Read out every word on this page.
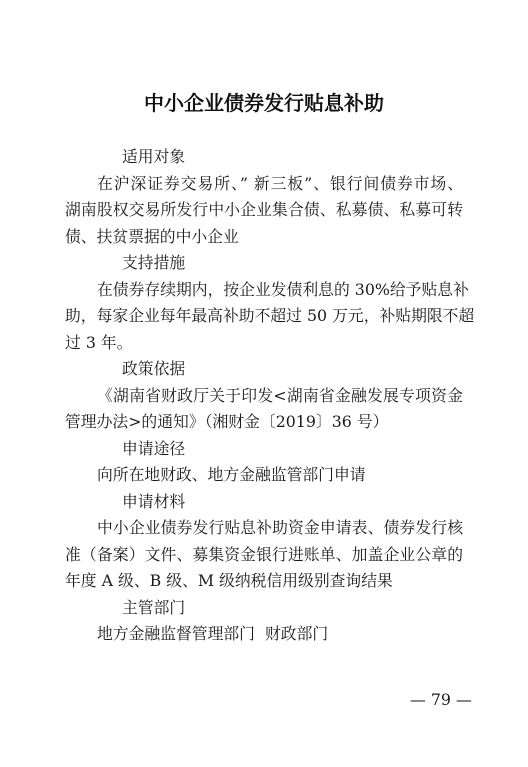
中小企业债券发行贴息补助
适用对象
在沪深证券交易所、” 新三板”、银行间债券市场、
湖南股权交易所发行中小企业集合债、私募债、私募可转
债、扶贫票据的中小企业
支持措施
在债券存续期内，按企业发债利息的 30%给予贴息补
助，每家企业每年最高补助不超过 50 万元，补贴期限不超
过 3 年。
政策依据
《湖南省财政厅关于印发<湖南省金融发展专项资金
管理办法>的通知》（湘财金〔2019〕36 号）
申请途径
向所在地财政、地方金融监管部门申请
申请材料
中小企业债券发行贴息补助资金申请表、债券发行核
准（备案）文件、募集资金银行进账单、加盖企业公章的
年度 A 级、B 级、M 级纳税信用级别查询结果
主管部门
地方金融监督管理部门  财政部门
— 79 —
